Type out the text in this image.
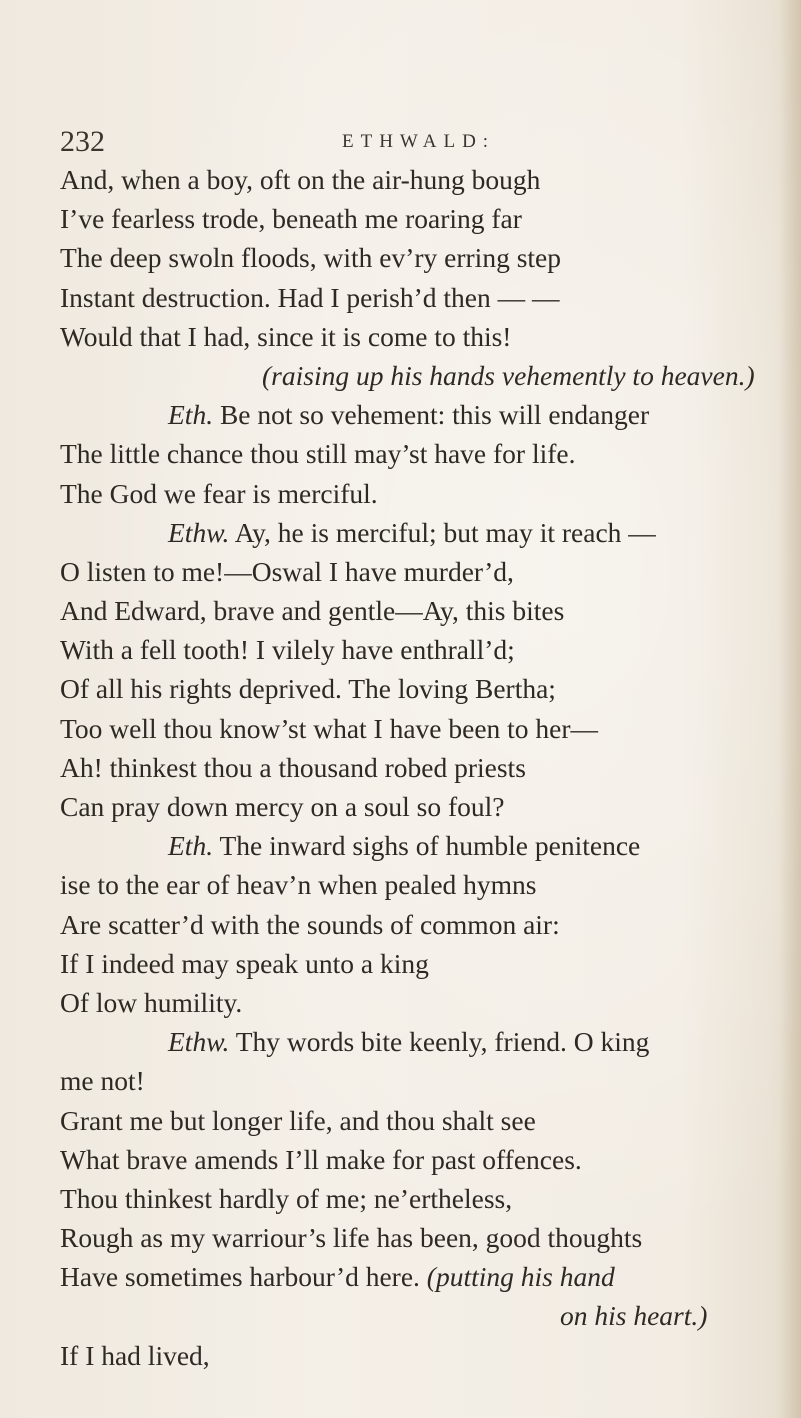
232	ETHWALD:
And, when a boy, oft on the air-hung bough
I’ve fearless trode, beneath me roaring far
The deep swoln floods, with ev’ry erring step
Instant destruction. Had I perish’d then — —
Would that I had, since it is come to this!
(raising up his hands vehemently to heaven.)
Eth. Be not so vehement: this will endanger
The little chance thou still may’st have for life.
The God we fear is merciful.
Ethw. Ay, he is merciful; but may it reach —
O listen to me!—Oswal I have murder’d,
And Edward, brave and gentle—Ay, this bites
With a fell tooth! I vilely have enthrall’d;
Of all his rights deprived. The loving Bertha;
Too well thou know’st what I have been to her—
Ah! thinkest thou a thousand robed priests
Can pray down mercy on a soul so foul?
Eth. The inward sighs of humble penitence
ise to the ear of heav’n when pealed hymns
Are scatter’d with the sounds of common air:
If I indeed may speak unto a king
Of low humility.
Ethw. Thy words bite keenly, friend. O king
me not!
Grant me but longer life, and thou shalt see
What brave amends I’ll make for past offences.
Thou thinkest hardly of me; ne’ertheless,
Rough as my warriour’s life has been, good thoughts
Have sometimes harbour’d here. (putting his hand
on his heart.)
If I had lived,
